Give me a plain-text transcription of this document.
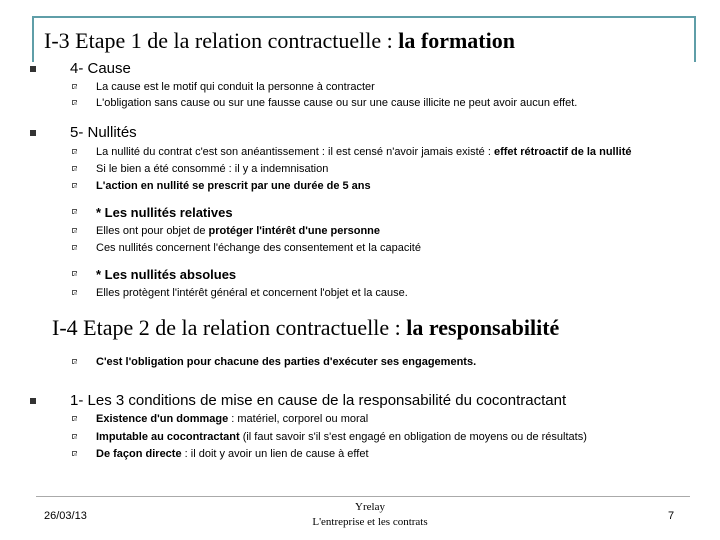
I-3 Etape 1 de la relation contractuelle : la formation
4- Cause
La cause est le motif qui conduit la personne à contracter
L'obligation sans cause ou sur une fausse cause ou sur une cause illicite ne peut avoir aucun effet.
5- Nullités
La nullité du contrat c'est son anéantissement : il est censé n'avoir jamais existé : effet rétroactif de la nullité
Si le bien a été consommé : il y a indemnisation
L'action en nullité se prescrit par une durée de 5 ans
* Les nullités relatives
Elles ont pour objet de protéger l'intérêt d'une personne
Ces nullités concernent l'échange des consentement et la capacité
* Les nullités absolues
Elles protègent l'intérêt général et concernent l'objet et la cause.
I-4 Etape 2 de la relation contractuelle : la responsabilité
C'est l'obligation pour chacune des parties d'exécuter ses engagements.
1- Les 3 conditions de mise en cause de la responsabilité du cocontractant
Existence d'un dommage : matériel, corporel ou moral
Imputable au cocontractant (il faut savoir s'il s'est engagé en obligation de moyens ou de résultats)
De façon directe : il doit y avoir un lien de cause à effet
26/03/13
Yrelay
L'entreprise et les contrats	7
